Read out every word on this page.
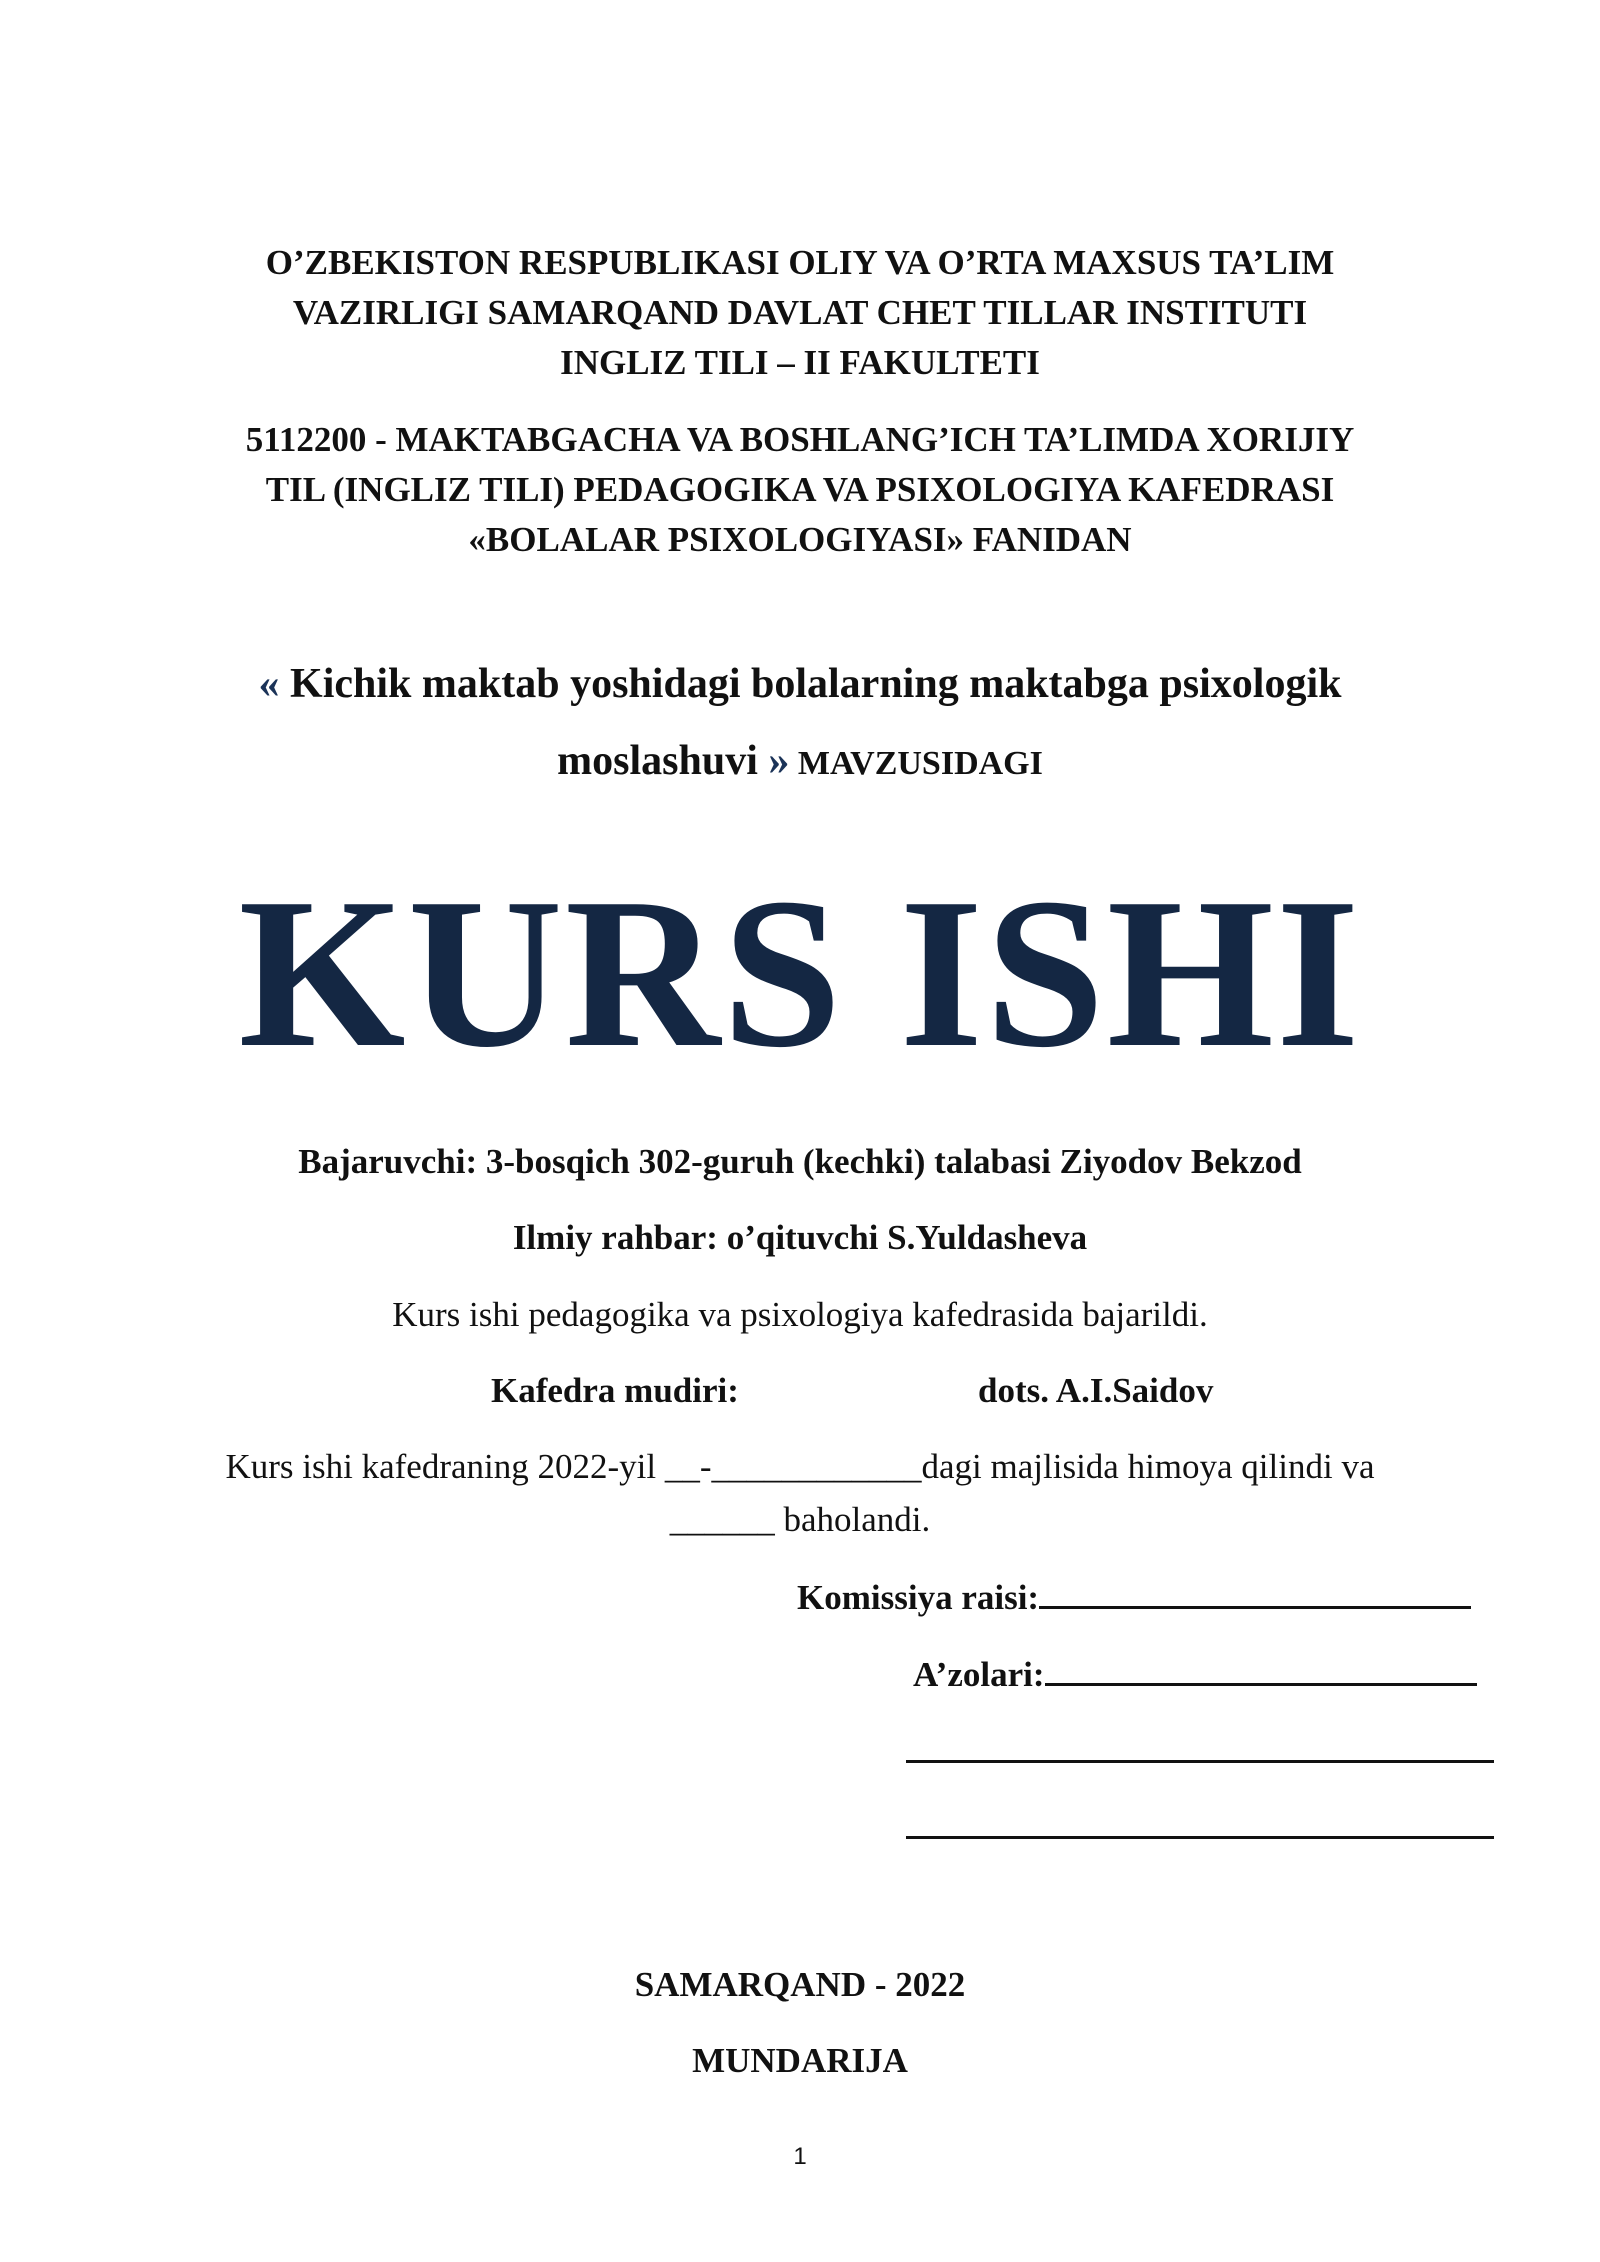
O’ZBEKISTON RESPUBLIKASI OLIY VA O’RTA MAXSUS TA’LIM
VAZIRLIGI SAMARQAND DAVLAT CHET TILLAR INSTITUTI
INGLIZ TILI – II FAKULTETI
5112200 - MAKTABGACHA VA BOSHLANG’ICH TA’LIMDA XORIJIY
TIL (INGLIZ TILI) PEDAGOGIKA VA PSIXOLOGIYA KAFEDRASI
«BOLALAR PSIXOLOGIYASI» FANIDAN
« Kichik maktab yoshidagi bolalarning maktabga psixologik
moslashuvi » MAVZUSIDAGI
KURS ISHI
Bajaruvchi: 3-bosqich 302-guruh (kechki) talabasi Ziyodov Bekzod
Ilmiy rahbar: o’qituvchi S.Yuldasheva
Kurs ishi pedagogika va psixologiya kafedrasida bajarildi.
Kafedra mudiri:	dots. A.I.Saidov
Kurs ishi kafedraning 2022-yil __-____________dagi majlisida himoya qilindi va
______ baholandi.
Komissiya raisi:
A’zolari:
SAMARQAND - 2022
MUNDARIJA
1
